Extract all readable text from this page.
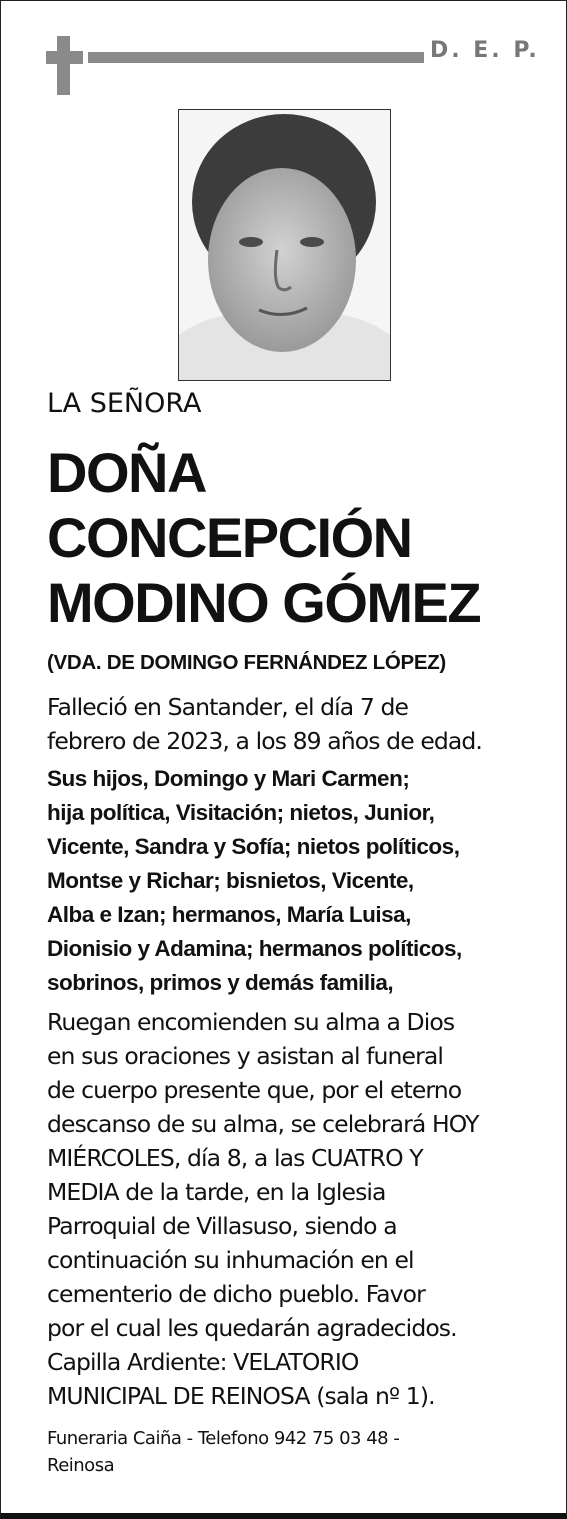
D. E. P.
LA SEÑORA
DOÑA
CONCEPCIÓN
MODINO GÓMEZ
(VDA. DE DOMINGO FERNÁNDEZ LÓPEZ)
Falleció en Santander, el día 7 de
febrero de 2023, a los 89 años de edad.
Sus hijos, Domingo y Mari Carmen;
hija política, Visitación; nietos, Junior,
Vicente, Sandra y Sofía; nietos políticos,
Montse y Richar; bisnietos, Vicente,
Alba e Izan; hermanos, María Luisa,
Dionisio y Adamina; hermanos políticos,
sobrinos, primos y demás familia,
Ruegan encomienden su alma a Dios
en sus oraciones y asistan al funeral
de cuerpo presente que, por el eterno
descanso de su alma, se celebrará HOY
MIÉRCOLES, día 8, a las CUATRO Y
MEDIA de la tarde, en la Iglesia
Parroquial de Villasuso, siendo a
continuación su inhumación en el
cementerio de dicho pueblo. Favor
por el cual les quedarán agradecidos.
Capilla Ardiente: VELATORIO
MUNICIPAL DE REINOSA (sala nº 1).
Funeraria Caiña - Telefono 942 75 03 48 -
Reinosa
